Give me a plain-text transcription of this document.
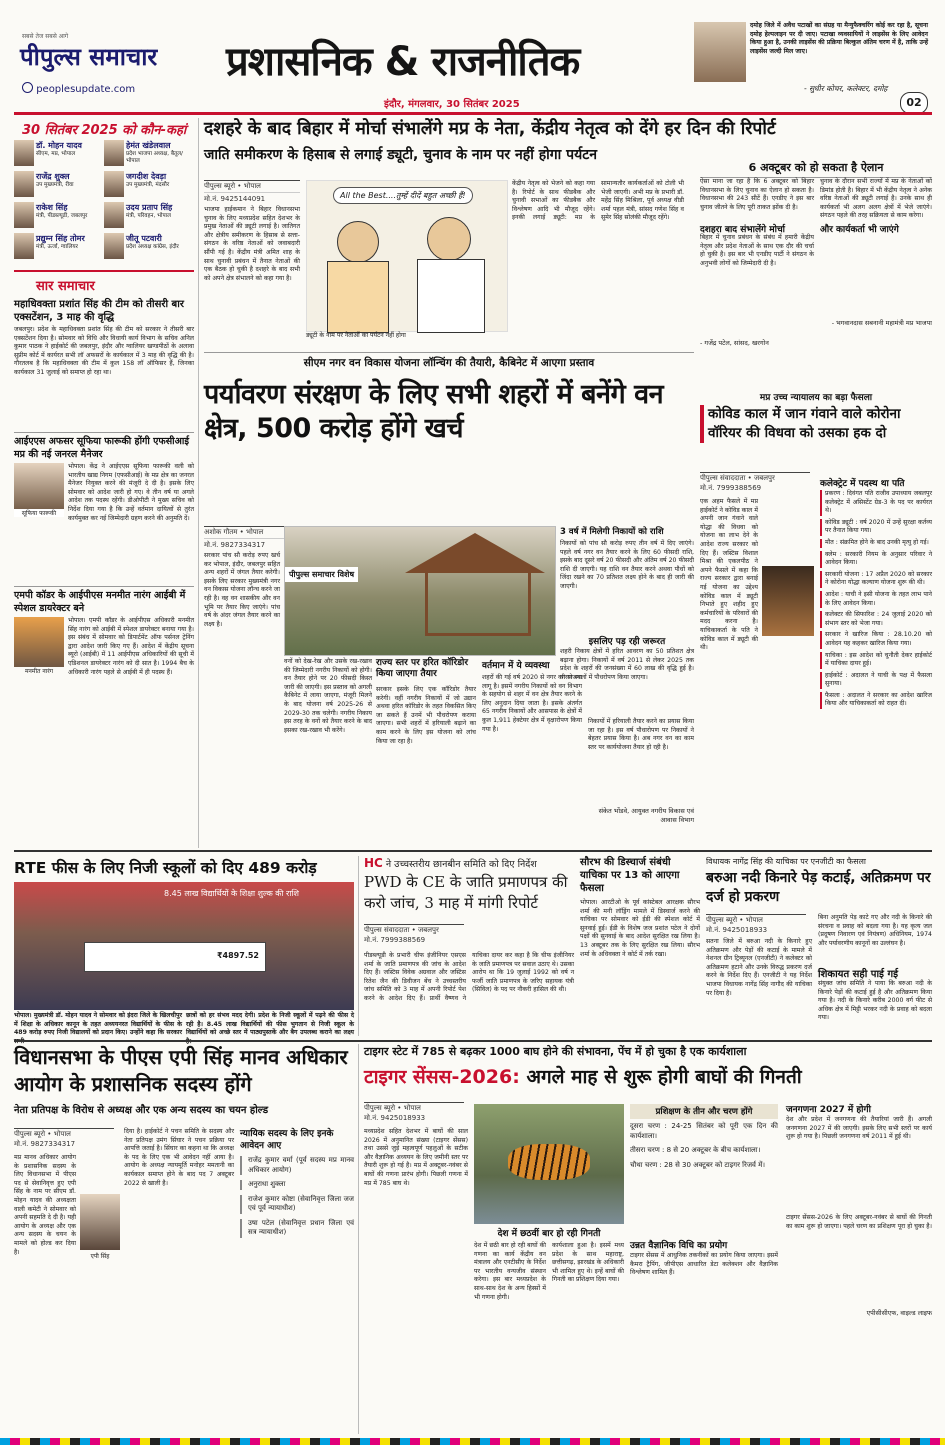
सबसे तेज सबसे आगे
पीपुल्स समाचार
peoplesupdate.com
प्रशासनिक & राजनीतिक
इंदौर, मंगलवार, 30 सितंबर 2025
दमोह जिले में अवैध पटाखों का संग्रह या मैन्युफैक्चरिंग कोई कर रहा है, सूचना दमोह हेल्पलाइन पर दी जाए। पटाखा व्यवसायियों ने लाइसेंस के लिए आवेदन किया हुआ है, उनकी लाइसेंस की प्रक्रिया बिल्कुल अंतिम चरण में है, ताकि उन्हें लाइसेंस जल्दी मिल जाए।
- सुधीर कोचर, कलेक्टर, दमोह
02
30 सितंबर 2025 को कौन-कहां
डॉ. मोहन यादव
सीएम, मप्र, भोपाल
हेमंत खंडेलवाल
प्रदेश भाजपा अध्यक्ष, बैतूल/भोपाल
राजेंद्र शुक्ल
उप मुख्यमंत्री, रीवा
जगदीश देवड़ा
उप मुख्यमंत्री, मंदसौर
राकेश सिंह
मंत्री, पीडब्ल्यूडी, जबलपुर
उदय प्रताप सिंह
मंत्री, परिवहन, भोपाल
प्रद्युम्न सिंह तोमर
मंत्री, ऊर्जा, ग्वालियर
जीतू पटवारी
प्रदेश अध्यक्ष कांग्रेस, इंदौर
सार समाचार
महाधिवक्ता प्रशांत सिंह की टीम को तीसरी बार एक्सटेंशन, 3 माह की वृद्धि
जबलपुर। प्रदेश के महाधिवक्ता प्रशांत सिंह की टीम को सरकार ने तीसरी बार एक्सटेंशन दिया है। सोमवार को विधि और विधायी कार्य विभाग के सचिव अनिल कुमार पाठक ने हाईकोर्ट की जबलपुर, इंदौर और ग्वालियर खण्डपीठों के अलावा सुप्रीम कोर्ट में कार्यरत सभी लॉ अफसरों के कार्यकाल में 3 माह की वृद्धि की है। गौरतलब है कि महाधिवक्ता की टीम में कुल 158 लॉ ऑफिसर हैं, जिनका कार्यकाल 31 जुलाई को समाप्त हो रहा था।
आईएएस अफसर सूफिया फारूकी होंगी एफसीआई मप्र की नई जनरल मैनेजर
सूफिया फारूकी
भोपाल। केंद्र ने आईएएस सूफिया फारूकी वली को भारतीय खाद्य निगम (एफसीआई) के मप्र क्षेत्र का जनरल मैनेजर नियुक्त करने की मंजूरी दे दी है। इसके लिए सोमवार को आदेश जारी हो गए। वे तीन वर्ष या अगले आदेश तक पदस्थ रहेंगी। डीओपीटी ने मुख्य सचिव को निर्देश दिया गया है कि उन्हें वर्तमान दायित्वों से तुरंत कार्यमुक्त कर नई जिम्मेदारी ग्रहण करने की अनुमति दें।
एमपी कॉडर के आईपीएस मनमीत नारंग आईबी में स्पेशल डायरेक्टर बने
मनमीत नारंग
भोपाल। एमपी कॉडर के आईपीएस अधिकारी मनमीत सिंह नारंग को आईबी में स्पेशल डायरेक्टर बनाया गया है। इस संबंध में सोमवार को डिपार्टमेंट ऑफ पर्सनल ट्रेनिंग द्वारा आदेश जारी किए गए हैं। आदेश में केंद्रीय सूचना ब्यूरो (आईबी) में 11 आईपीएस अधिकारियों की सूची में एडिशनल डायरेक्टर नारंग को दी सात है। 1994 बैच के अधिकारी नारंग पहले से आईबी में ही पदस्थ हैं।
दशहरे के बाद बिहार में मोर्चा संभालेंगे मप्र के नेता, केंद्रीय नेतृत्व को देंगे हर दिन की रिपोर्ट
जाति समीकरण के हिसाब से लगाई ड्यूटी, चुनाव के नाम पर नहीं होगा पर्यटन
पीपुल्स ब्यूरो • भोपाल
मो.नं. 9425144091
भाजपा हाईकमान ने बिहार विधानसभा चुनाव के लिए मध्यप्रदेश सहित देशभर के प्रमुख नेताओं की ड्यूटी लगाई है। जातिगत और क्षेत्रीय समीकरण के हिसाब से सत्ता-संगठन के वरिष्ठ नेताओं को जवाबदारी सौंपी गई है। केंद्रीय मंत्री अमित शाह के साथ चुनावी प्रबंधन में तैनात नेताओं की एक बैठक हो चुकी है दशहरे के बाद सभी को अपने क्षेत्र संभालने को कहा गया है।
All the Best....तुम्हें दीदें बहुत अच्छी हैं!
ड्यूटी के नाम पर नेताओं का पर्यटन नहीं होगा
केंद्रीय नेतृत्व को भेजने को कहा गया है। रिपोर्ट के साथ फीडबैक और चुनावी सभाओं का फीडबैक और विश्लेषण आदि भी मौजूद रहेंगे। इनकी लगाई ड्यूटी: मप्र के सामान्यतौर कार्यकर्ताओं को टोली भी भेजी जाएगी। अभी मप्र के प्रभारी डॉ. महेंद्र सिंह मिश्रिला, पूर्व अध्यक्ष वीडी शर्मा पहल मंत्री, सांसद गणेश सिंह व सुमेर सिंह सोलंकी मौजूद रहेंगे।
6 अक्टूबर को हो सकता है ऐलान
ऐसा माना जा रहा है कि 6 अक्टूबर को बिहार विधानसभा के लिए चुनाव का ऐलान हो सकता है। विधानसभा की 243 सीटें हैं। एनडीए ने इस बार चुनाव जीतने के लिए पूरी ताकत झोंक दी है।
दशहरा बाद संभालेंगे मोर्चा
बिहार में चुनाव प्रबंधन के संबंध में हमारी केंद्रीय नेतृत्व और प्रदेश नेताओं के साथ एक दौर की चर्चा हो चुकी है। इस बार भी एनडीए पार्टी ने संगठन के अनुभवी लोगों को जिम्मेदारी दी है।
- गजेंद्र पटेल, सांसद, खरगोन
और कार्यकर्ता भी जाएंगे
चुनाव के दौरान सभी राज्यों में मप्र के नेताओं को डिमांड होती है। बिहार में भी केंद्रीय नेतृत्व ने अनेक वरिष्ठ नेताओं की ड्यूटी लगाई है। उनके साथ ही कार्यकर्ता भी अलग अलग क्षेत्रों में भेजे जाएंगे। संगठन पहले की तरह सक्रियता से काम करेगा।
- भगवानदास सबनानी महामंत्री मप्र भाजपा
सीएम नगर वन विकास योजना लॉन्चिंग की तैयारी, कैबिनेट में आएगा प्रस्ताव
पर्यावरण संरक्षण के लिए सभी शहरों में बनेंगे वन क्षेत्र, 500 करोड़ होंगे खर्च
अशोक गौतम • भोपाल
मो.नं. 9827334317
पीपुल्स समाचार विशेष
सरकार पांच सौ करोड़ रुपए खर्च कर भोपाल, इंदौर, जबलपुर सहित अन्य शहरों में जंगल तैयार करेगी। इसके लिए सरकार मुख्यमंत्री नगर वन विकास योजना लॉन्च करने जा रही है। वह वन शासकीय और वन भूमि पर तैयार किए जाएंगे। पांच वर्ष के अंदर जंगल तैयार करने का लक्ष्य है।
वनों को देख-रेख और उसके रख-रखाव की जिम्मेदारी नगरीय निकायों को होगी। वन तैयार होने पर 20 फीसदी किस्त जारी की जाएगी। इस प्रस्ताव को अगली कैबिनेट में लाया जाएगा, मंजूरी मिलने के बाद योजना वर्ष 2025-26 से 2029-30 तक चलेगी। नगरीय निकाय इस तरह के वनों को तैयार करने के बाद इसका रख-रखाव भी करेंगे।
राज्य स्तर पर हरित कॉरिडोर किया जाएगा तैयार
सरकार इसके लिए एक कॉरिडोर तैयार करेगी। वहीं नगरीय निकायों में जो उद्यान अथवा हरित कॉरिडोर के तहत विकसित किए जा सकते हैं उनमें भी पौधरोपण कराया जाएगा। सभी शहरों में हरियाली बढ़ाने का काम करने के लिए इस योजना को लांच किया जा रहा है।
वर्तमान में ये व्यवस्था
शहरों की गई वर्ष 2020 से नगर वन योजना लागू है। इसमें नगरीय निकायों को वन विभाग के सहयोग से शहर में वन क्षेत्र तैयार करने के लिए अनुदान दिया जाता है। इसके अंतर्गत 65 नगरीय निकायों और आसपास के क्षेत्रों में कुल 1,911 हेक्टेयर क्षेत्र में वृक्षारोपण किया गया है।
3 वर्ष में मिलेगी निकायों को राशि
निकायों को पांच सौ करोड़ रुपए तीन वर्ष में दिए जाएंगे। पहले वर्ष नगर वन तैयार करने के लिए 60 फीसदी राशि, इसके बाद दूसरे वर्ष 20 फीसदी और अंतिम वर्ष 20 फीसदी राशि दी जाएगी। यह राशि वन तैयार करने अथवा पौधों को जिंदा रखने का 70 प्रतिशत लक्ष्य होने के बाद ही जारी की जाएगी।
इसलिए पड़ रही जरूरत
शहरी निकाय क्षेत्रों में हरित आवरण का 50 प्रतिशत क्षेत्र बढ़ाना होगा। निकायों में वर्ष 2011 से लेकर 2025 तक प्रदेश के शहरों की जनसंख्या में 60 लाख की वृद्धि हुई है। वीरान स्थलों में पौधरोपण किया जाएगा।
निकायों में हरियाली तैयार करने का प्रयास किया जा रहा है। इस वर्ष पौधारोपण पर निकायों ने बेहतर प्रयास किया है। अब नगर वन का काम स्तर पर कार्ययोजना तैयार हो रही है।
संकेत भोंडवे, आयुक्त नगरीय विकास एवं आवास विभाग
मप्र उच्च न्यायालय का बड़ा फैसला
कोविड काल में जान गंवाने वाले कोरोना वॉरियर की विधवा को उसका हक दो
पीपुल्स संवाददाता • जबलपुर
मो.नं. 7999388569
एक अहम फैसले में मप्र हाईकोर्ट ने कोविड काल में अपनी जान गंवाने वाले योद्धा की विधवा को योजना का लाभ देने के आदेश राज्य सरकार को दिए हैं। जस्टिस विशाल मिश्रा की एकलपीठ ने अपने फैसले में कहा कि राज्य सरकार द्वारा बनाई गई योजना का उद्देश्य कोविड काल में ड्यूटी निभाते हुए शहीद हुए कर्मचारियों के परिवारों की मदद करना है। याचिकाकर्ता के पति ने कोविड काल में ड्यूटी की थी।
कलेक्ट्रेट में पदस्थ था पति
प्रकरण : दिवंगत पति राजीव उपाध्याय जबलपुर कलेक्ट्रेट में असिस्टेंट ग्रेड-3 के पद पर कार्यरत थे।
कोविड ड्यूटी : वर्ष 2020 में उन्हें सुरक्षा कर्तव्य पर तैनात किया गया।
मौत : संक्रमित होने के बाद उनकी मृत्यु हो गई।
क्लेम : सरकारी नियम के अनुसार परिवार ने आवेदन किया।
सरकारी योजना : 17 अप्रैल 2020 को सरकार ने कोरोना योद्धा कल्याण योजना शुरू की थी।
आदेश : याची ने इसी योजना के तहत लाभ पाने के लिए आवेदन किया।
कलेक्टर की सिफारिश : 24 जुलाई 2020 को संभाग स्तर को भेजा गया।
सरकार ने खारिज किया : 28.10.20 को आवेदन यह कहकर खारिज किया गया।
याचिका : इस आदेश को चुनौती देकर हाईकोर्ट में याचिका दायर हुई।
हाईकोर्ट : अदालत ने याची के पक्ष में फैसला सुनाया।
फैसला : अदालत ने सरकार का आदेश खारिज किया और याचिकाकर्ता को राहत दी।
RTE फीस के लिए निजी स्कूलों को दिए 489 करोड़
8.45 लाख विद्यार्थियों के शिक्षा शुल्क की राशि
₹4897.52
भोपाल। मुख्यमंत्री डॉ. मोहन यादव ने सोमवार को इंदरा जिले के खिलचीपुर में शिक्षा के अधिकार कानून के तहत अध्ययनरत विद्यार्थियों के फीस के 489 करोड़ रुपए निजी विद्यालयों को प्रदान किए। उन्होंने कहा कि सरकार
छात्रों को हर संभव मदद देगी। प्रदेश के निजी स्कूलों में पढ़ने की फीस दे रही है। 8.45 लाख विद्यार्थियों की फीस भुगतान से निजी स्कूल के विद्यार्थियों को अच्छे स्तर में पाठ्यपुस्तकें और बैग उपलब्ध कराने का लक्ष्य
HC ने उच्चस्तरीय छानबीन समिति को दिए निर्देश
PWD के CE के जाति प्रमाणपत्र की करो जांच, 3 माह में मांगी रिपोर्ट
पीपुल्स संवाददाता • जबलपुर
मो.नं. 7999388569
पीडब्ल्यूडी के प्रभारी चीफ इंजीनियर एसएस शर्मा के जाति प्रमाणपत्र की जांच के आदेश दिए हैं। जस्टिस विवेक अग्रवाल और जस्टिस रितेश जैन की डिवीजन बेंच ने उच्चस्तरीय जांच समिति को 3 माह में अपनी रिपोर्ट पेश करने के आदेश दिए हैं। प्रार्थी वैष्णव ने याचिका दायर कर कहा है कि चीफ इंजीनियर के जाति प्रमाणपत्र पर सवाल उठाए थे। उसका आरोप था कि 19 जुलाई 1992 को वर्ष न फर्जी जाति प्रमाणपत्र के जरिए सहायक यंत्री (सिविल) के पद पर नौकरी हासिल की थी।
सौरभ की डिस्चार्ज संबंधी याचिका पर 13 को आएगा फैसला
भोपाल। आरटीओ के पूर्व कांस्टेबल आरक्षक सौरभ शर्मा की मनी लॉड्रिंग मामले में डिस्चार्ज करने की याचिका पर सोमवार को ईडी की स्पेशल कोर्ट में सुनवाई हुई। ईडी के विशेष जज प्रशांत पटेल ने दोनों पक्षों की सुनवाई के बाद आदेश सुरक्षित रख लिया है। 13 अक्टूबर तक के लिए सुरक्षित रख लिया। सौरभ शर्मा के अधिवक्ता ने कोर्ट में तर्क रखा।
विधायक नागेंद्र सिंह की याचिका पर एनजीटी का फैसला
बरुआ नदी किनारे पेड़ कटाई, अतिक्रमण पर दर्ज हो प्रकरण
पीपुल्स ब्यूरो • भोपाल
मो.नं. 9425018933
सतना जिले में बरुआ नदी के किनारे हुए अतिक्रमण और पेड़ों की कटाई के मामले में नेशनल ग्रीन ट्रिब्यूनल (एनजीटी) ने कलेक्टर को अतिक्रमण हटाने और उनके विरुद्ध प्रकरण दर्ज करने के निर्देश दिए हैं। एनजीटी ने यह निर्देश भाजपा विधायक नागेंद्र सिंह नागौद की याचिका पर दिया है।
बिना अनुमति पेड़ काटे गए और नदी के किनारे की संरचना व प्रवाह को बदला गया है। यह कृत्य जल (प्रदूषण निवारण एवं नियंत्रण) अधिनियम, 1974 और पर्यावरणीय कानूनों का उल्लंघन है।
शिकायत सही पाई गई
संयुक्त जांच समिति ने पाया कि बरुआ नदी के किनारे पेड़ों की कटाई हुई है और अतिक्रमण किया गया है। नदी के किनारे करीब 2000 वर्ग फीट से अधिक क्षेत्र में मिट्टी भरकर नदी के प्रवाह को बदला गया।
विधानसभा के पीएस एपी सिंह मानव अधिकार आयोग के प्रशासनिक सदस्य होंगे
नेता प्रतिपक्ष के विरोध से अध्यक्ष और एक अन्य सदस्य का चयन होल्ड
पीपुल्स ब्यूरो • भोपाल
मो.नं. 9827334317
मप्र मानव अधिकार आयोग के प्रशासनिक सदस्य के लिए विधानसभा में पीएस पद से सेवानिवृत्त हुए एपी सिंह के नाम पर सीएम डॉ. मोहन यादव की अध्यक्षता वाली कमेटी ने सोमवार को अपनी सहमति दे दी है। यही आयोग के अध्यक्ष और एक अन्य सदस्य के चयन के मामले को होल्ड कर दिया है।
एपी सिंह
दिया है। हाईकोर्ट ने पचन समिति के सदस्य और नेता प्रतिपक्ष उमंग सिंघार ने पचन प्रक्रिया पर आपत्ति जताई है। सिंघार का कहना था कि अध्यक्ष के पद के लिए एक भी आवेदन नहीं आया है। आयोग के अध्यक्ष न्यायमूर्ति मनोहर ममतानी का कार्यकाल समाप्त होने के बाद पद 7 अक्टूबर 2022 से खाली है।
न्यायिक सदस्य के लिए इनके आवेदन आए
राजेंद्र कुमार वर्मा (पूर्व सदस्य मप्र मानव अधिकार आयोग)
अनुराधा शुक्ला
राजेश कुमार कोष्टा (सेवानिवृत्त जिला जज एवं पूर्व न्यायाधीश)
उषा पटेल (सेवानिवृत्त प्रधान जिला एवं सत्र न्यायाधीश)
टाइगर स्टेट में 785 से बढ़कर 1000 बाघ होने की संभावना, पेंच में हो चुका है एक कार्यशाला
टाइगर सेंसस-2026: अगले माह से शुरू होगी बाघों की गिनती
पीपुल्स ब्यूरो • भोपाल
मो.नं. 9425018933
मध्यप्रदेश सहित देशभर में बाघों की साल 2026 में अनुमानित संख्या (टाइगर सेंसस) तथा उससे जुड़े महत्वपूर्ण पहलुओं के सटीक और वैज्ञानिक अध्ययन के लिए जमीनी स्तर पर तैयारी शुरू हो गई है। मप्र में अक्टूबर-नवंबर से बाघों की गणना प्रारंभ होगी। पिछली गणना में मप्र में 785 बाघ थे।
देश में छठवीं बार हो रही गिनती
देश में छठी बार हो रही बाघों की गणना का कार्य केंद्रीय वन मंत्रालय और एनटीसीए के निर्देश पर भारतीय वन्यजीव संस्थान करेगा। इस बार मध्यप्रदेश के साथ-साथ देश के अन्य हिस्सों में भी गणना होगी।
कार्यशाला हुआ है। इसमें मध्य प्रदेश के साथ महाराष्ट्र, छत्तीसगढ़, झारखंड के अधिकारी भी शामिल हुए थे। इन्हें बाघों की गिनती का प्रशिक्षण दिया गया।
प्रशिक्षण के तीन और चरण होंगे
दूसरा चरण : 24-25 सितंबर को पूरी एक दिन की कार्यशाला।
तीसरा चरण : 8 से 20 अक्टूबर के बीच कार्यशाला।
चौथा चरण : 28 से 30 अक्टूबर को टाइगर रिजर्व में।
उन्नत वैज्ञानिक विधि का प्रयोग
टाइगर सेंसस में आधुनिक तकनीकों का प्रयोग किया जाएगा। इसमें कैमरा ट्रैपिंग, जीपीएस आधारित डेटा कलेक्शन और वैज्ञानिक विश्लेषण शामिल हैं।
जनगणना 2027 में होगी
देश और प्रदेश में जनगणना की तैयारियां जारी हैं। अगली जनगणना 2027 में की जाएगी। इसके लिए सभी स्तरों पर कार्य शुरू हो गया है। पिछली जनगणना वर्ष 2011 में हुई थी।
टाइगर सेंसस-2026 के लिए अक्टूबर-नवंबर से बाघों की गिनती का काम शुरू हो जाएगा। पहले चरण का प्रशिक्षण पूरा हो चुका है।
एपीसीसीएफ, वाइल्ड लाइफ
